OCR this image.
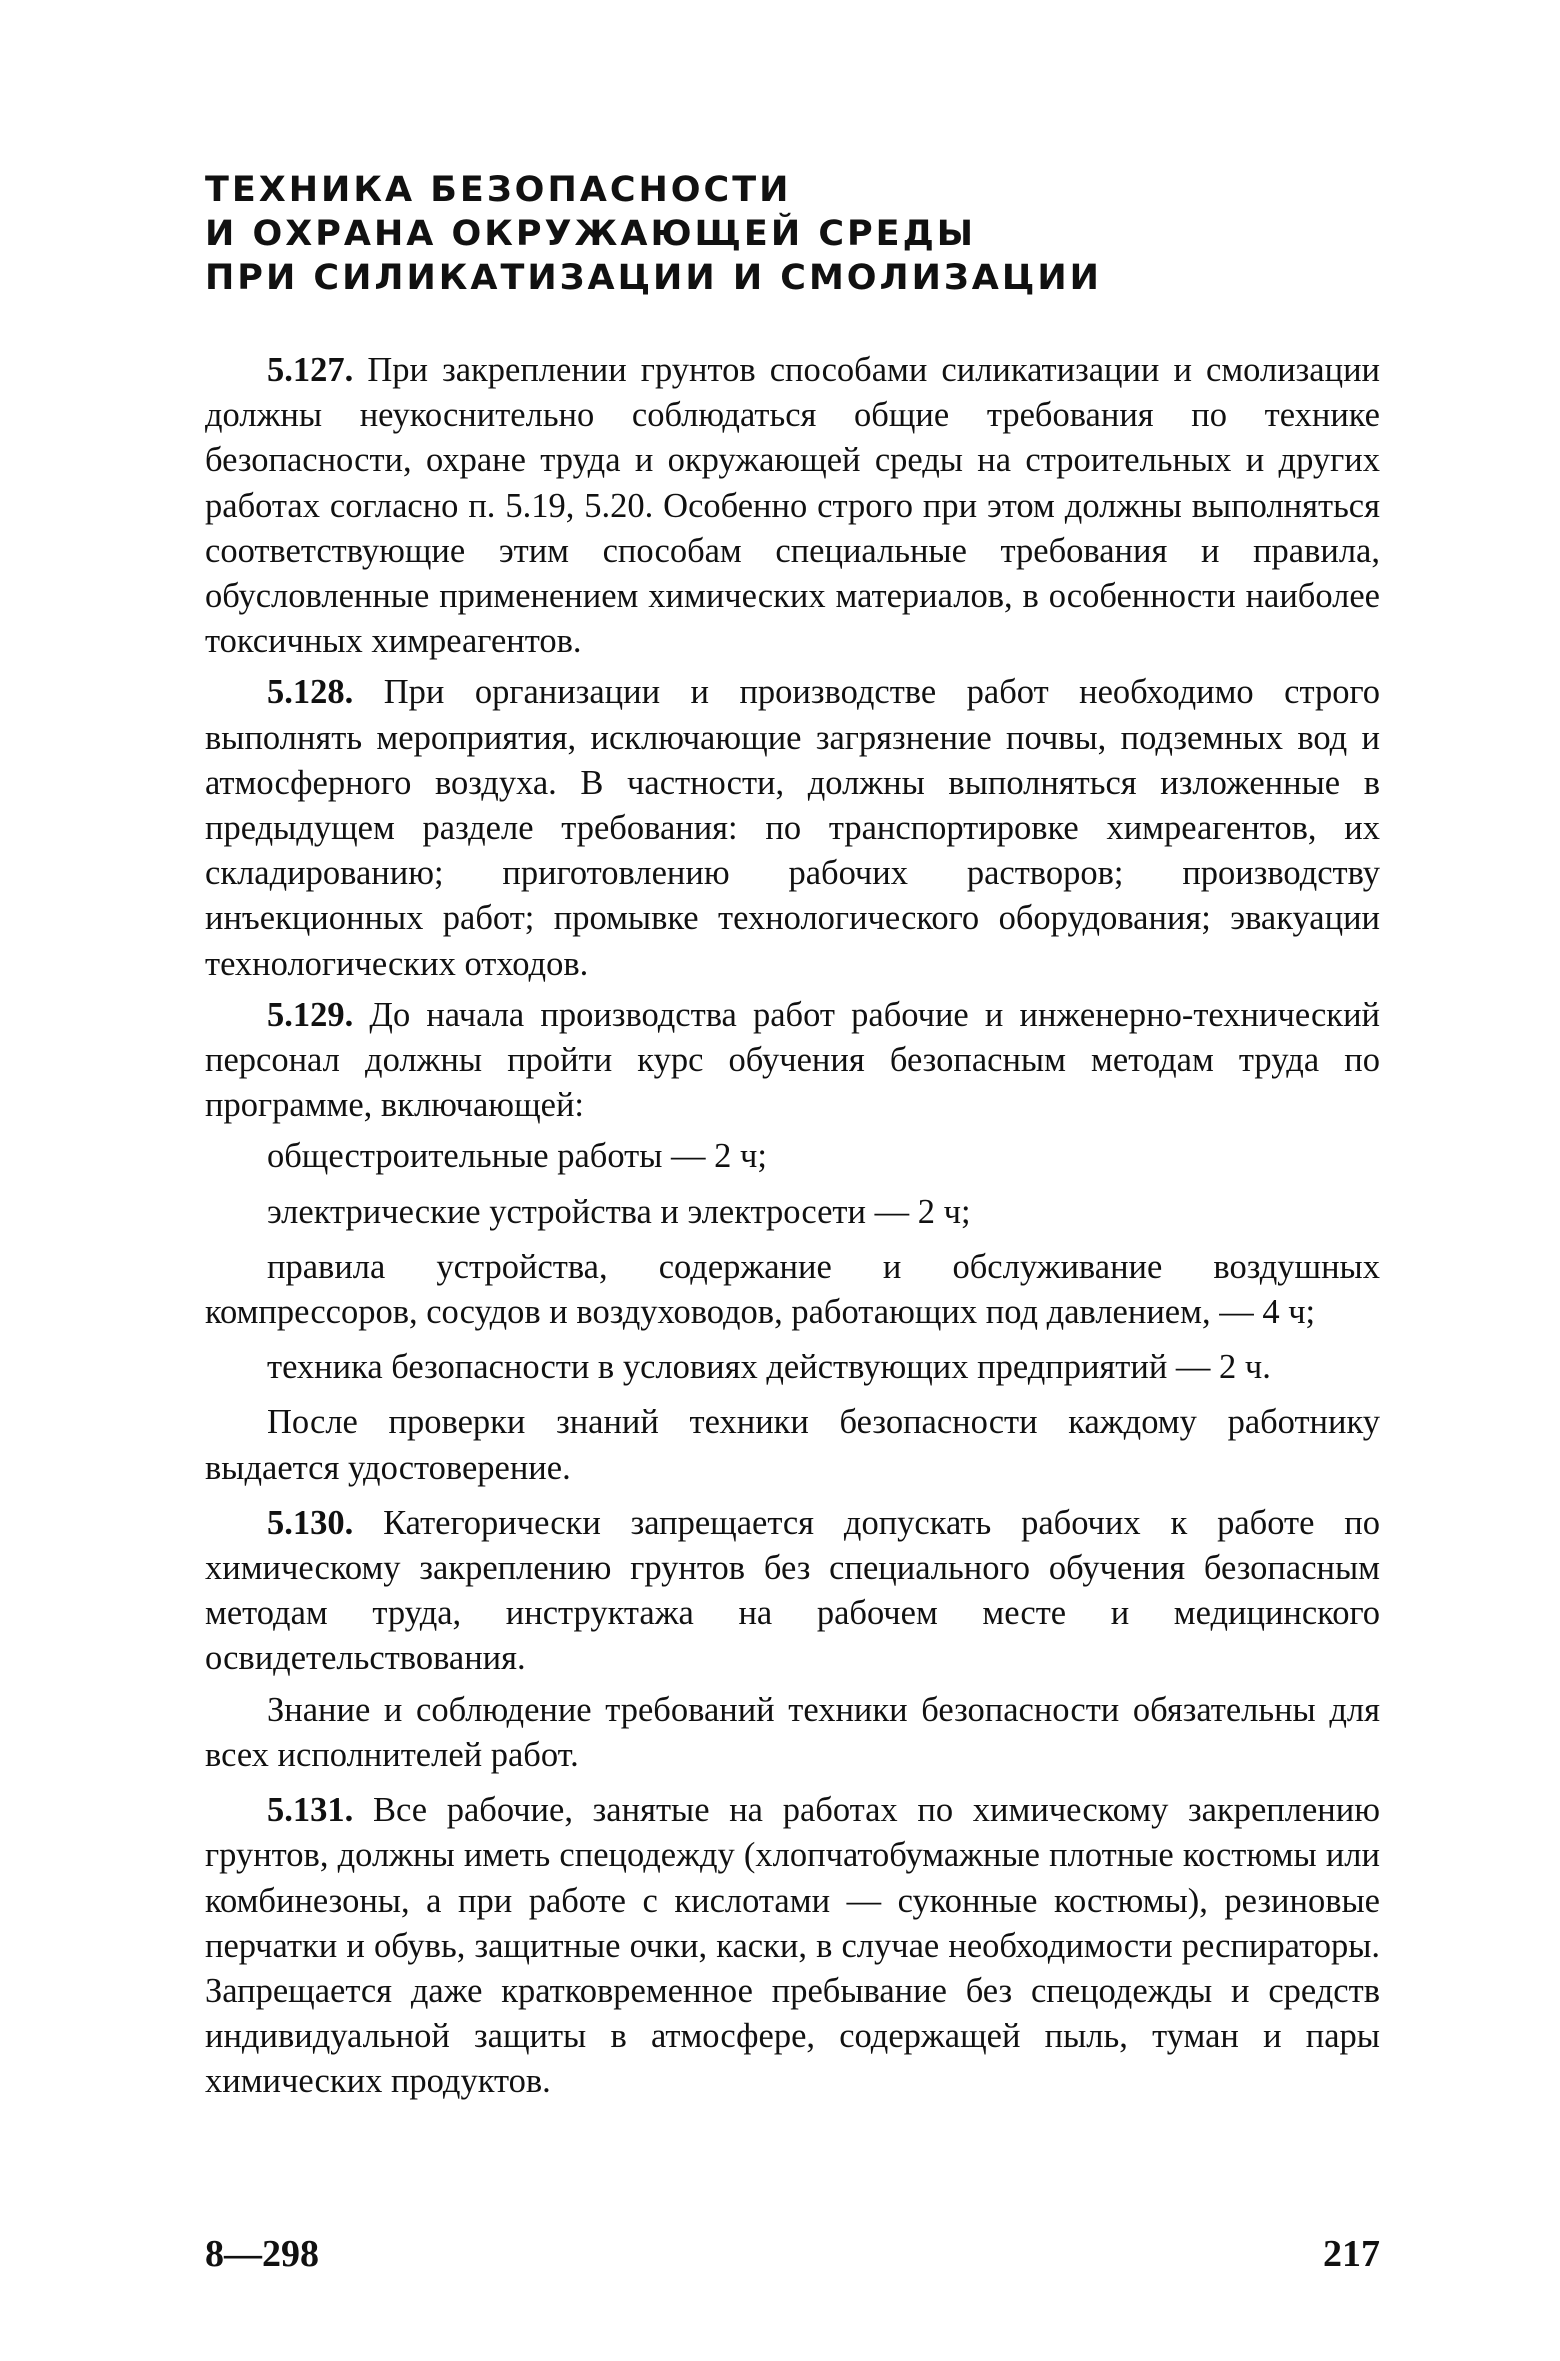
ТЕХНИКА БЕЗОПАСНОСТИ
И ОХРАНА ОКРУЖАЮЩЕЙ СРЕДЫ
ПРИ СИЛИКАТИЗАЦИИ И СМОЛИЗАЦИИ

5.127. При закреплении грунтов способами силикатизации и смолизации должны неукоснительно соблюдаться общие требования по технике безопасности, охране труда и окружающей среды на строительных и других работах согласно п. 5.19, 5.20. Особенно строго при этом должны выполняться соответствующие этим способам специальные требования и правила, обусловленные применением химических материалов, в особенности наиболее токсичных химреагентов.

5.128. При организации и производстве работ необходимо строго выполнять мероприятия, исключающие загрязнение почвы, подземных вод и атмосферного воздуха. В частности, должны выполняться изложенные в предыдущем разделе требования: по транспортировке химреагентов, их складированию; приготовлению рабочих растворов; производству инъекционных работ; промывке технологического оборудования; эвакуации технологических отходов.

5.129. До начала производства работ рабочие и инженерно-технический персонал должны пройти курс обучения безопасным методам труда по программе, включающей:

общестроительные работы — 2 ч;

электрические устройства и электросети — 2 ч;

правила устройства, содержание и обслуживание воздушных компрессоров, сосудов и воздуховодов, работающих под давлением, — 4 ч;

техника безопасности в условиях действующих предприятий — 2 ч.

После проверки знаний техники безопасности каждому работнику выдается удостоверение.

5.130. Категорически запрещается допускать рабочих к работе по химическому закреплению грунтов без специального обучения безопасным методам труда, инструктажа на рабочем месте и медицинского освидетельствования.

Знание и соблюдение требований техники безопасности обязательны для всех исполнителей работ.

5.131. Все рабочие, занятые на работах по химическому закреплению грунтов, должны иметь спецодежду (хлопчатобумажные плотные костюмы или комбинезоны, а при работе с кислотами — суконные костюмы), резиновые перчатки и обувь, защитные очки, каски, в случае необходимости респираторы. Запрещается даже кратковременное пребывание без спецодежды и средств индивидуальной защиты в атмосфере, содержащей пыль, туман и пары химических продуктов.

8—298	217
